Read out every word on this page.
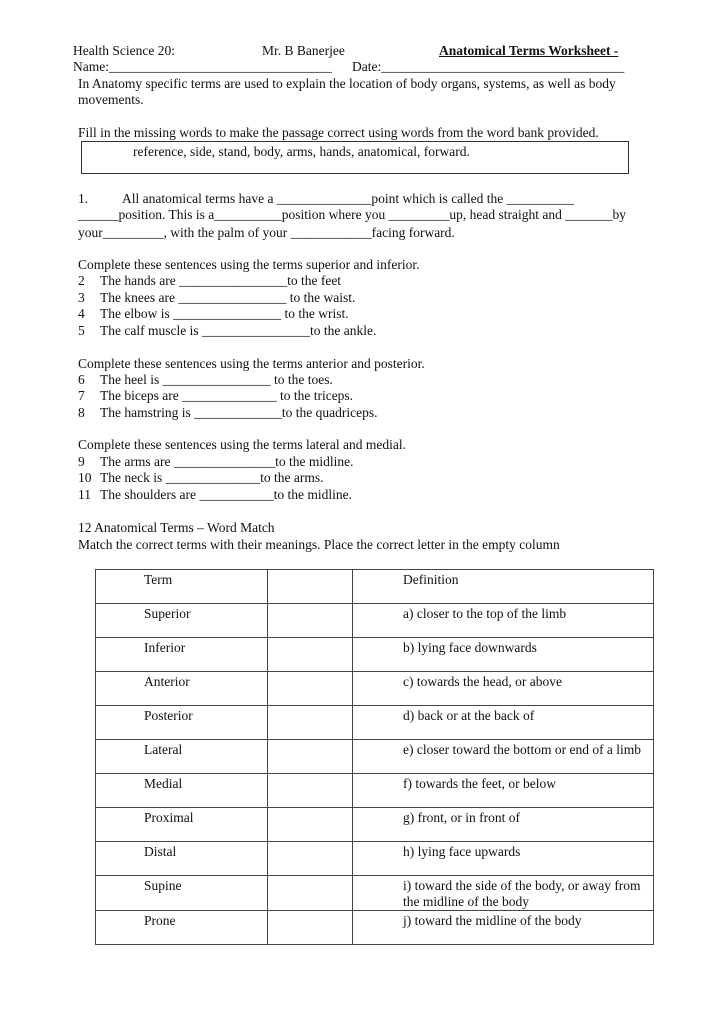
Health Science 20:	Mr. B Banerjee	Anatomical Terms Worksheet -
Name:_________________________________ Date:____________________________________
In Anatomy specific terms are used to explain the location of body organs, systems, as well as body
movements.
Fill in the missing words to make the passage correct using words from the word bank provided.
reference, side, stand, body, arms, hands, anatomical, forward.
1.	All anatomical terms have a ______________point which is called the __________
______position. This is a__________position where you _________up, head straight and _______by
your_________, with the palm of your ____________facing forward.
Complete these sentences using the terms superior and inferior.
2 The hands are ________________to the feet
3 The knees are ________________ to the waist.
4 The elbow is ________________ to the wrist.
5 The calf muscle is ________________to the ankle.
Complete these sentences using the terms anterior and posterior.
6 The heel is ________________ to the toes.
7 The biceps are ______________ to the triceps.
8 The hamstring is _____________to the quadriceps.
Complete these sentences using the terms lateral and medial.
9 The arms are _______________to the midline.
10 The neck is ______________to the arms.
11 The shoulders are ___________to the midline.
12 Anatomical Terms – Word Match
Match the correct terms with their meanings. Place the correct letter in the empty column
Term		Definition
Superior		a) closer to the top of the limb
Inferior		b) lying face downwards
Anterior		c) towards the head, or above
Posterior		d) back or at the back of
Lateral		e) closer toward the bottom or end of a limb
Medial		f) towards the feet, or below
Proximal		g) front, or in front of
Distal		h) lying face upwards
Supine		i) toward the side of the body, or away from the midline of the body
Prone		j) toward the midline of the body
